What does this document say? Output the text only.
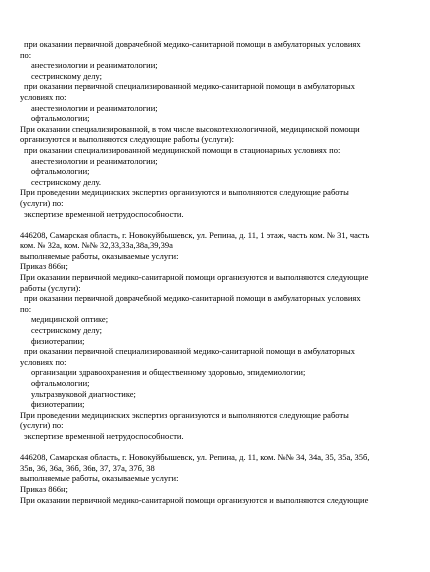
при оказании первичной доврачебной медико-санитарной помощи в амбулаторных условиях
по:
анестезиологии и реаниматологии;
сестринскому делу;
при оказании первичной специализированной медико-санитарной помощи в амбулаторных
условиях по:
анестезиологии и реаниматологии;
офтальмологии;
При оказании специализированной, в том числе высокотехнологичной, медицинской помощи
организуются и выполняются следующие работы (услуги):
при оказании специализированной медицинской помощи в стационарных условиях по:
анестезиологии и реаниматологии;
офтальмологии;
сестринскому делу.
При проведении медицинских экспертиз организуются и выполняются следующие работы
(услуги) по:
экспертизе временной нетрудоспособности.
446208, Самарская область, г. Новокуйбышевск, ул. Репина, д. 11, 1 этаж, часть ком. № 31, часть
ком. № 32а, ком. №№ 32,33,33а,38а,39,39а
выполняемые работы, оказываемые услуги:
Приказ 866н;
При оказании первичной медико-санитарной помощи организуются и выполняются следующие
работы (услуги):
при оказании первичной доврачебной медико-санитарной помощи в амбулаторных условиях
по:
медицинской оптике;
сестринскому делу;
физиотерапии;
при оказании первичной специализированной медико-санитарной помощи в амбулаторных
условиях по:
организации здравоохранения и общественному здоровью, эпидемиологии;
офтальмологии;
ультразвуковой диагностике;
физиотерапии;
При проведении медицинских экспертиз организуются и выполняются следующие работы
(услуги) по:
экспертизе временной нетрудоспособности.
446208, Самарская область, г. Новокуйбышевск, ул. Репина, д. 11, ком. №№ 34, 34а, 35, 35а, 35б,
35в, 36, 36а, 36б, 36в, 37, 37а, 37б, 38
выполняемые работы, оказываемые услуги:
Приказ 866н;
При оказании первичной медико-санитарной помощи организуются и выполняются следующие
